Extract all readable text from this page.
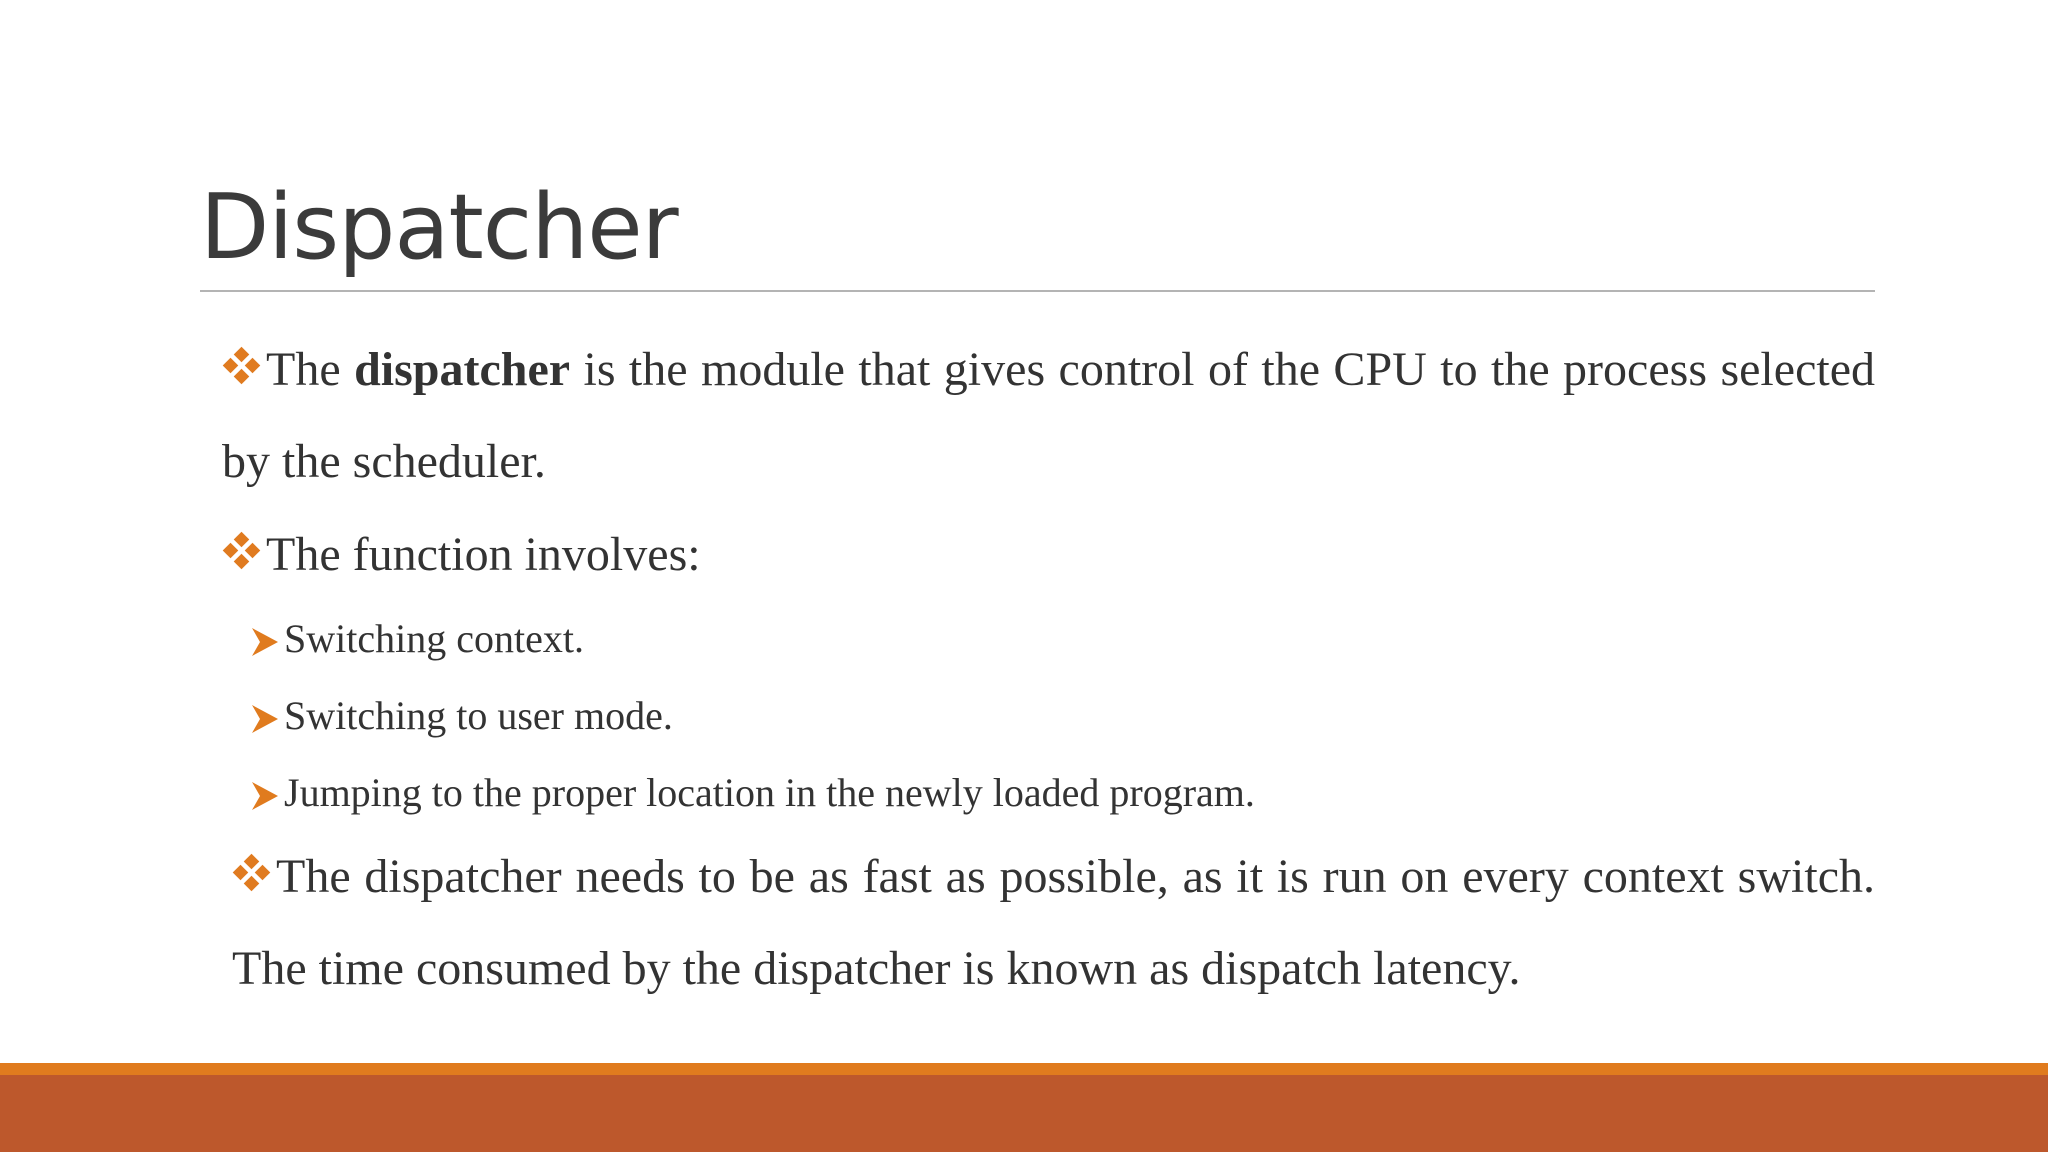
Dispatcher

The dispatcher is the module that gives control of the CPU to the process selected by the scheduler.

The function involves:

Switching context.

Switching to user mode.

Jumping to the proper location in the newly loaded program.

The dispatcher needs to be as fast as possible, as it is run on every context switch. The time consumed by the dispatcher is known as dispatch latency.
